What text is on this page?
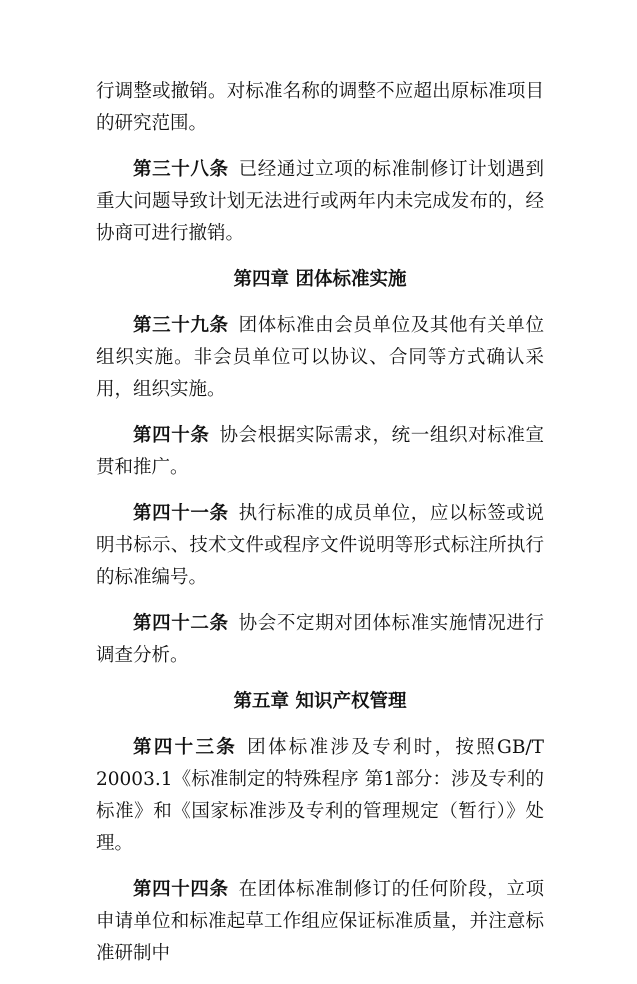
行调整或撤销。对标准名称的调整不应超出原标准项目的研究范围。

第三十八条 已经通过立项的标准制修订计划遇到重大问题导致计划无法进行或两年内未完成发布的，经协商可进行撤销。

第四章 团体标准实施

第三十九条 团体标准由会员单位及其他有关单位组织实施。非会员单位可以协议、合同等方式确认采用，组织实施。

第四十条 协会根据实际需求，统一组织对标准宣贯和推广。

第四十一条 执行标准的成员单位，应以标签或说明书标示、技术文件或程序文件说明等形式标注所执行的标准编号。

第四十二条 协会不定期对团体标准实施情况进行调查分析。

第五章 知识产权管理

第四十三条 团体标准涉及专利时，按照GB/T 20003.1《标准制定的特殊程序 第1部分：涉及专利的标准》和《国家标准涉及专利的管理规定（暂行）》处理。

第四十四条 在团体标准制修订的任何阶段，立项申请单位和标准起草工作组应保证标准质量，并注意标准研制中
